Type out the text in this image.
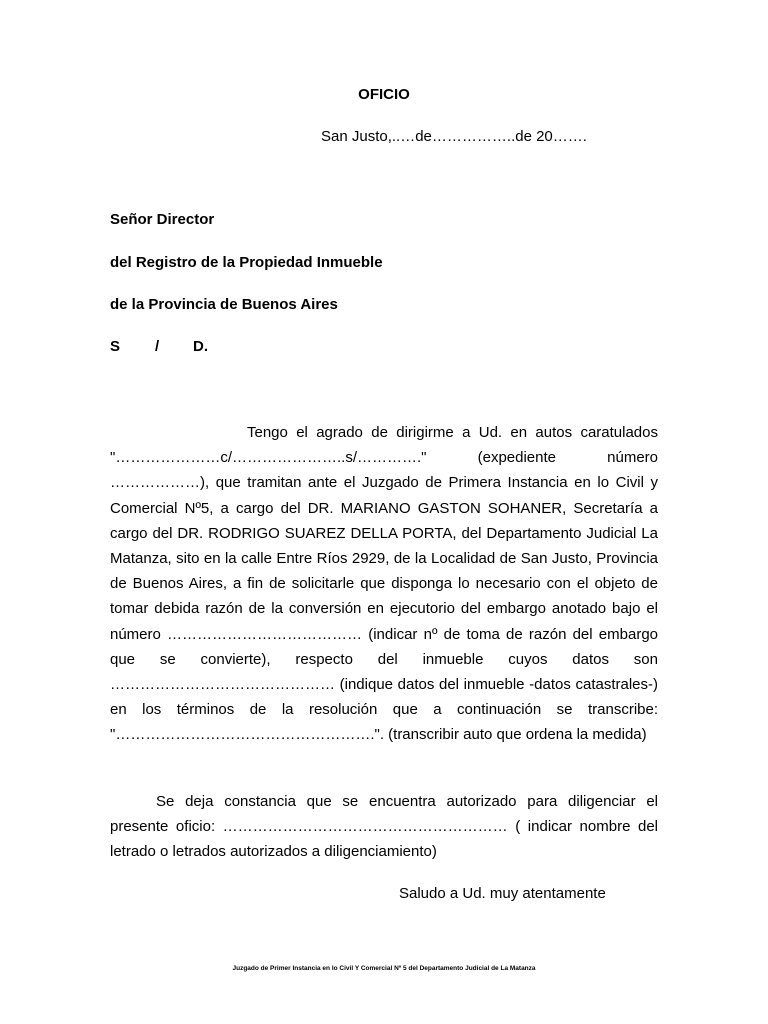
OFICIO
San Justo,..…de……………..de 20…….
Señor Director
del Registro de la Propiedad Inmueble
de la Provincia de Buenos Aires
S / D.

Tengo el agrado de dirigirme a Ud. en autos caratulados "…………………c/…………………..s/…………." (expediente número ………………), que tramitan ante el Juzgado de Primera Instancia en lo Civil y Comercial Nº5, a cargo del DR. MARIANO GASTON SOHANER, Secretaría a cargo del DR. RODRIGO SUAREZ DELLA PORTA, del Departamento Judicial La Matanza, sito en la calle Entre Ríos 2929, de la Localidad de San Justo, Provincia de Buenos Aires, a fin de solicitarle que disponga lo necesario con el objeto de tomar debida razón de la conversión en ejecutorio del embargo anotado bajo el número ………………………………… (indicar nº de toma de razón del embargo que se convierte), respecto del inmueble cuyos datos son ……………………………………… (indique datos del inmueble -datos catastrales-) en los términos de la resolución que a continuación se transcribe: "…………………………………………….". (transcribir auto que ordena la medida)

Se deja constancia que se encuentra autorizado para diligenciar el presente oficio: ………………………………………………… ( indicar nombre del letrado o letrados autorizados a diligenciamiento)

Saludo a Ud. muy atentamente
Juzgado de Primer Instancia en lo Civil Y Comercial Nº 5 del Departamento Judicial de La Matanza
